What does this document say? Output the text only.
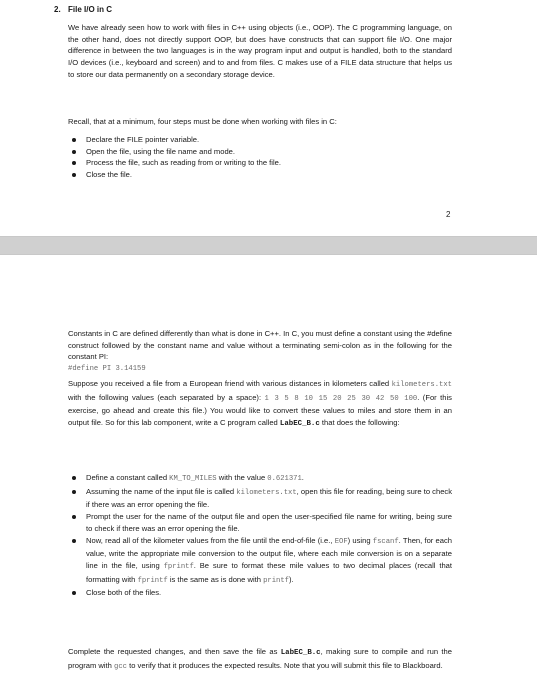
2. File I/O in C

We have already seen how to work with files in C++ using objects (i.e., OOP). The C programming language, on the other hand, does not directly support OOP, but does have constructs that can support file I/O. One major difference in between the two languages is in the way program input and output is handled, both to the standard I/O devices (i.e., keyboard and screen) and to and from files. C makes use of a FILE data structure that helps us to store our data permanently on a secondary storage device.

Recall, that at a minimum, four steps must be done when working with files in C:

Declare the FILE pointer variable.
Open the file, using the file name and mode.
Process the file, such as reading from or writing to the file.
Close the file.
2

Constants in C are defined differently than what is done in C++. In C, you must define a constant using the #define construct followed by the constant name and value without a terminating semi-colon as in the following for the constant PI:

#define PI 3.14159

Suppose you received a file from a European friend with various distances in kilometers called kilometers.txt with the following values (each separated by a space): 1 3 5 8 10 15 20 25 30 42 50 100. (For this exercise, go ahead and create this file.) You would like to convert these values to miles and store them in an output file. So for this lab component, write a C program called LabEC_B.c that does the following:

Define a constant called KM_TO_MILES with the value 0.621371.
Assuming the name of the input file is called kilometers.txt, open this file for reading, being sure to check if there was an error opening the file.
Prompt the user for the name of the output file and open the user-specified file name for writing, being sure to check if there was an error opening the file.
Now, read all of the kilometer values from the file until the end-of-file (i.e., EOF) using fscanf. Then, for each value, write the appropriate mile conversion to the output file, where each mile conversion is on a separate line in the file, using fprintf. Be sure to format these mile values to two decimal places (recall that formatting with fprintf is the same as is done with printf).
Close both of the files.

Complete the requested changes, and then save the file as LabEC_B.c, making sure to compile and run the program with gcc to verify that it produces the expected results. Note that you will submit this file to Blackboard.
